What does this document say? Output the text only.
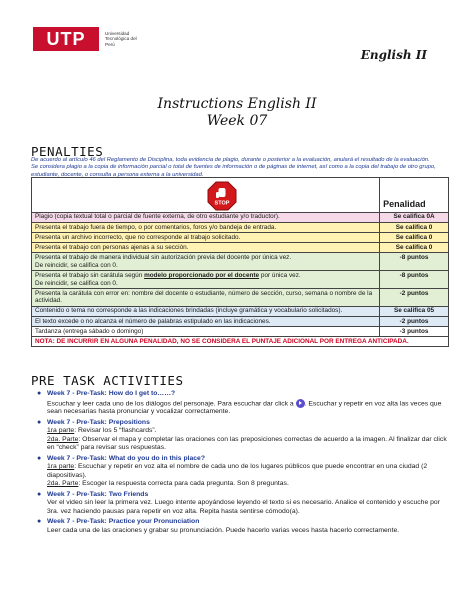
UTP	Universidad Tecnológica del Perú
English II
Instructions English II
Week 07
PENALTIES

De acuerdo al artículo 46 del Reglamento de Disciplina, toda evidencia de plagio, durante o posterior a la evaluación, anulará el resultado de la evaluación.

Se considera plagio a la copia de información parcial o total de fuentes de información o de páginas de internet, así como a la copia del trabajo de otro grupo, estudiante, docente, o consulta a persona externa a la universidad.

STOP	Penalidad
Plagio (copia textual total o parcial de fuente externa, de otro estudiante y/o traductor).	Se califica 0A
Presenta el trabajo fuera de tiempo, o por comentarios, foros y/o bandeja de entrada.	Se califica 0
Presenta un archivo incorrecto, que no corresponde al trabajo solicitado.	Se califica 0
Presenta el trabajo con personas ajenas a su sección.	Se califica 0

Presenta el trabajo de manera individual sin autorización previa del docente por única vez.
De reincidir, se califica con 0.	-8 puntos

Presenta el trabajo sin carátula según modelo proporcionado por el docente por única vez.
De reincidir, se califica con 0.	-8 puntos
Presenta la carátula con error en: nombre del docente o estudiante, número de sección, curso, semana o nombre de la actividad.	-2 puntos
Contenido o tema no corresponde a las indicaciones brindadas (incluye gramática y vocabulario solicitados).	Se califica 05
El texto excede o no alcanza el número de palabras estipulado en las indicaciones.	-2 puntos
Tardanza (entrega sábado o domingo)	-3 puntos
NOTA: DE INCURRIR EN ALGUNA PENALIDAD, NO SE CONSIDERA EL PUNTAJE ADICIONAL POR ENTREGA ANTICIPADA.	
PRE TASK ACTIVITIES
● Week 7 - Pre-Task: How do I get to……?
Escuchar y leer cada uno de los diálogos del personaje. Para escuchar dar click a . Escuchar y repetir en voz alta las veces que sean necesarias hasta pronunciar y vocalizar correctamente.
● Week 7 - Pre-Task: Prepositions
1ra parte: Revisar los 5 “flashcards”.
2da. Parte: Observar el mapa y completar las oraciones con las preposiciones correctas de acuerdo a la imagen. Al finalizar dar click en “check” para revisar sus respuestas.
● Week 7 - Pre-Task: What do you do in this place?
1ra parte: Escuchar y repetir en voz alta el nombre de cada uno de los lugares públicos que puede encontrar en una ciudad (2 diapositivas).
2da. Parte: Escoger la respuesta correcta para cada pregunta. Son 8 preguntas.
● Week 7 - Pre-Task: Two Friends
Ver el video sin leer la primera vez. Luego intente apoyándose leyendo el texto si es necesario. Analice el contenido y escuche por 3ra. vez haciendo pausas para repetir en voz alta. Repita hasta sentirse cómodo(a).
● Week 7 - Pre-Task: Practice your Pronunciation
Leer cada una de las oraciones y grabar su pronunciación. Puede hacerlo varias veces hasta hacerlo correctamente.
